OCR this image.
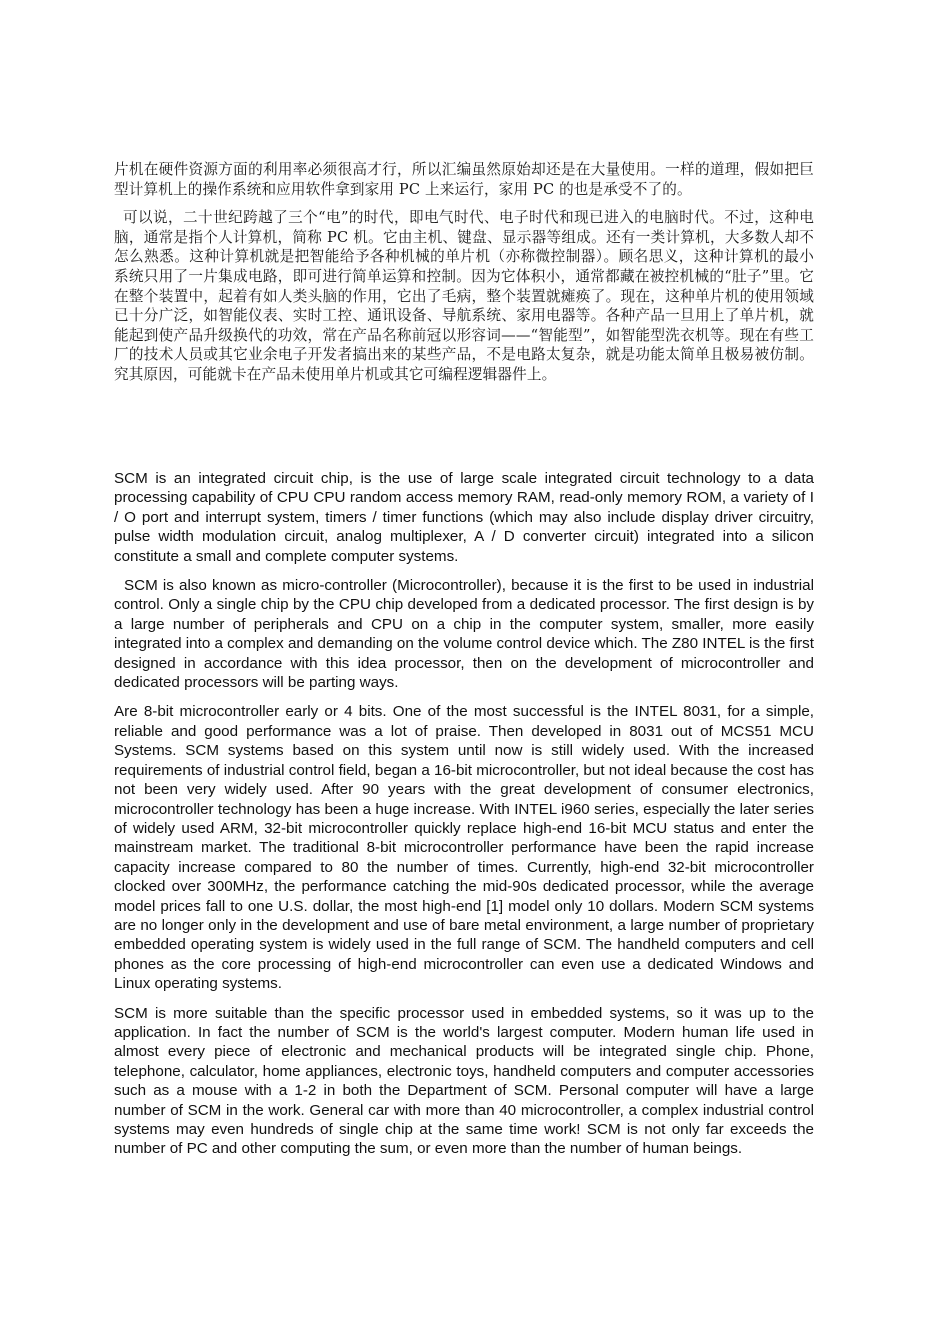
片机在硬件资源方面的利用率必须很高才行，所以汇编虽然原始却还是在大量使用。一样的道理，假如把巨型计算机上的操作系统和应用软件拿到家用 PC 上来运行，家用 PC 的也是承受不了的。

可以说，二十世纪跨越了三个“电”的时代，即电气时代、电子时代和现已进入的电脑时代。不过，这种电脑，通常是指个人计算机，简称 PC 机。它由主机、键盘、显示器等组成。还有一类计算机，大多数人却不怎么熟悉。这种计算机就是把智能给予各种机械的单片机（亦称微控制器）。顾名思义，这种计算机的最小系统只用了一片集成电路，即可进行简单运算和控制。因为它体积小，通常都藏在被控机械的“肚子”里。它在整个装置中，起着有如人类头脑的作用，它出了毛病，整个装置就瘫痪了。现在，这种单片机的使用领域已十分广泛，如智能仪表、实时工控、通讯设备、导航系统、家用电器等。各种产品一旦用上了单片机，就能起到使产品升级换代的功效，常在产品名称前冠以形容词——“智能型”，如智能型洗衣机等。现在有些工厂的技术人员或其它业余电子开发者搞出来的某些产品，不是电路太复杂，就是功能太简单且极易被仿制。究其原因，可能就卡在产品未使用单片机或其它可编程逻辑器件上。

SCM is an integrated circuit chip, is the use of large scale integrated circuit technology to a data processing capability of CPU CPU random access memory RAM, read-only memory ROM, a variety of I / O port and interrupt system, timers / timer functions (which may also include display driver circuitry, pulse width modulation circuit, analog multiplexer, A / D converter circuit) integrated into a silicon constitute a small and complete computer systems.

SCM is also known as micro-controller (Microcontroller), because it is the first to be used in industrial control. Only a single chip by the CPU chip developed from a dedicated processor. The first design is by a large number of peripherals and CPU on a chip in the computer system, smaller, more easily integrated into a complex and demanding on the volume control device which. The Z80 INTEL is the first designed in accordance with this idea processor, then on the development of microcontroller and dedicated processors will be parting ways.

Are 8-bit microcontroller early or 4 bits. One of the most successful is the INTEL 8031, for a simple, reliable and good performance was a lot of praise. Then developed in 8031 out of MCS51 MCU Systems. SCM systems based on this system until now is still widely used. With the increased requirements of industrial control field, began a 16-bit microcontroller, but not ideal because the cost has not been very widely used. After 90 years with the great development of consumer electronics, microcontroller technology has been a huge increase. With INTEL i960 series, especially the later series of widely used ARM, 32-bit microcontroller quickly replace high-end 16-bit MCU status and enter the mainstream market. The traditional 8-bit microcontroller performance have been the rapid increase capacity increase compared to 80 the number of times. Currently, high-end 32-bit microcontroller clocked over 300MHz, the performance catching the mid-90s dedicated processor, while the average model prices fall to one U.S. dollar, the most high-end [1] model only 10 dollars. Modern SCM systems are no longer only in the development and use of bare metal environment, a large number of proprietary embedded operating system is widely used in the full range of SCM. The handheld computers and cell phones as the core processing of high-end microcontroller can even use a dedicated Windows and Linux operating systems.

SCM is more suitable than the specific processor used in embedded systems, so it was up to the application. In fact the number of SCM is the world's largest computer. Modern human life used in almost every piece of electronic and mechanical products will be integrated single chip. Phone, telephone, calculator, home appliances, electronic toys, handheld computers and computer accessories such as a mouse with a 1-2 in both the Department of SCM. Personal computer will have a large number of SCM in the work. General car with more than 40 microcontroller, a complex industrial control systems may even hundreds of single chip at the same time work! SCM is not only far exceeds the number of PC and other computing the sum, or even more than the number of human beings.
